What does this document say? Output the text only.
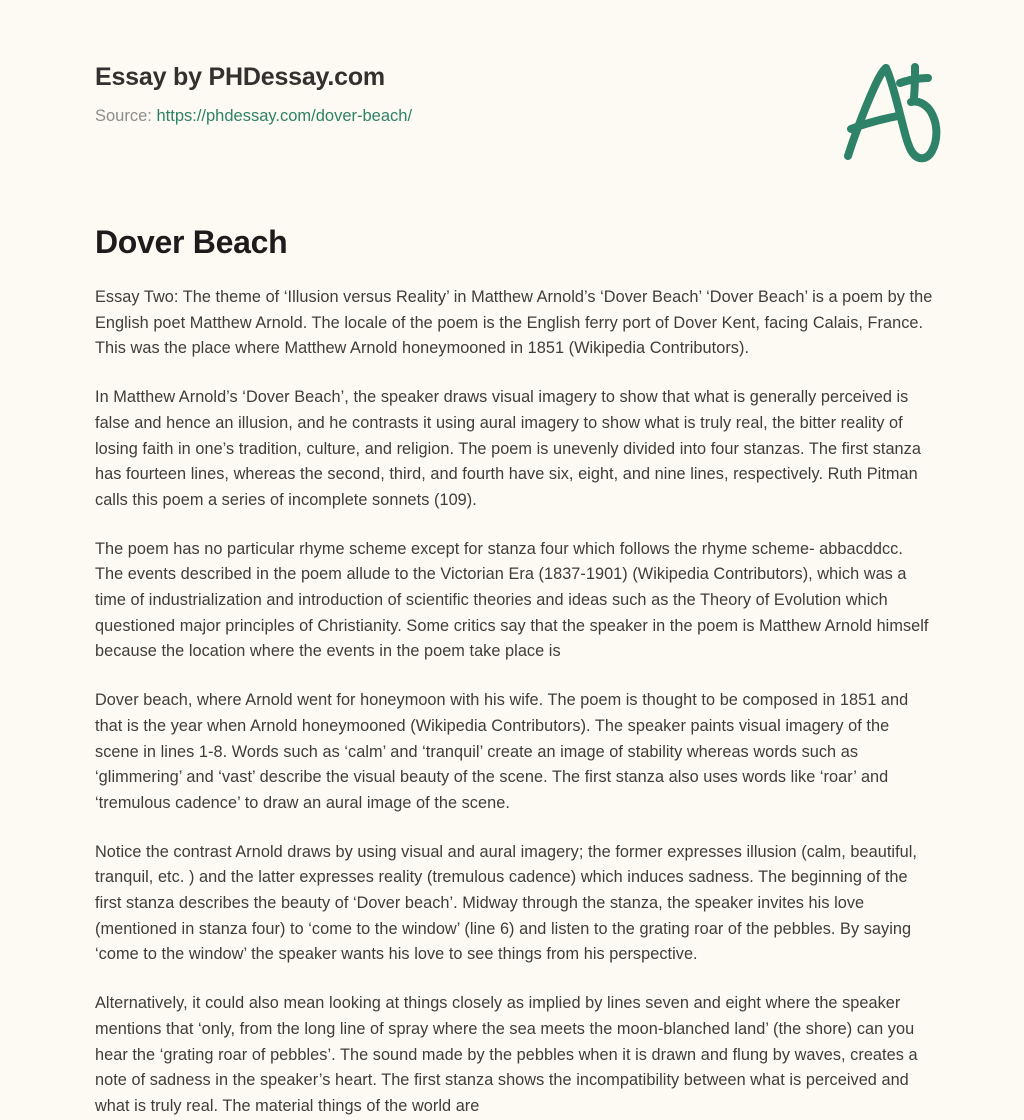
Essay by PHDessay.com
Source: https://phdessay.com/dover-beach/
Dover Beach

Essay Two: The theme of ‘Illusion versus Reality’ in Matthew Arnold’s ‘Dover Beach’ ‘Dover Beach’ is a poem by the English poet Matthew Arnold. The locale of the poem is the English ferry port of Dover Kent, facing Calais, France. This was the place where Matthew Arnold honeymooned in 1851 (Wikipedia Contributors).

In Matthew Arnold’s ‘Dover Beach’, the speaker draws visual imagery to show that what is generally perceived is false and hence an illusion, and he contrasts it using aural imagery to show what is truly real, the bitter reality of losing faith in one’s tradition, culture, and religion. The poem is unevenly divided into four stanzas. The first stanza has fourteen lines, whereas the second, third, and fourth have six, eight, and nine lines, respectively. Ruth Pitman calls this poem a series of incomplete sonnets (109).

The poem has no particular rhyme scheme except for stanza four which follows the rhyme scheme- abbacddcc. The events described in the poem allude to the Victorian Era (1837-1901) (Wikipedia Contributors), which was a time of industrialization and introduction of scientific theories and ideas such as the Theory of Evolution which questioned major principles of Christianity. Some critics say that the speaker in the poem is Matthew Arnold himself because the location where the events in the poem take place is

Dover beach, where Arnold went for honeymoon with his wife. The poem is thought to be composed in 1851 and that is the year when Arnold honeymooned (Wikipedia Contributors). The speaker paints visual imagery of the scene in lines 1-8. Words such as ‘calm’ and ‘tranquil’ create an image of stability whereas words such as ‘glimmering’ and ‘vast’ describe the visual beauty of the scene. The first stanza also uses words like ‘roar’ and ‘tremulous cadence’ to draw an aural image of the scene.

Notice the contrast Arnold draws by using visual and aural imagery; the former expresses illusion (calm, beautiful, tranquil, etc. ) and the latter expresses reality (tremulous cadence) which induces sadness. The beginning of the first stanza describes the beauty of ‘Dover beach’. Midway through the stanza, the speaker invites his love (mentioned in stanza four) to ‘come to the window’ (line 6) and listen to the grating roar of the pebbles. By saying ‘come to the window’ the speaker wants his love to see things from his perspective.

Alternatively, it could also mean looking at things closely as implied by lines seven and eight where the speaker mentions that ‘only, from the long line of spray where the sea meets the moon-blanched land’ (the shore) can you hear the ‘grating roar of pebbles’. The sound made by the pebbles when it is drawn and flung by waves, creates a note of sadness in the speaker’s heart. The first stanza shows the incompatibility between what is perceived and what is truly real. The material things of the world are
